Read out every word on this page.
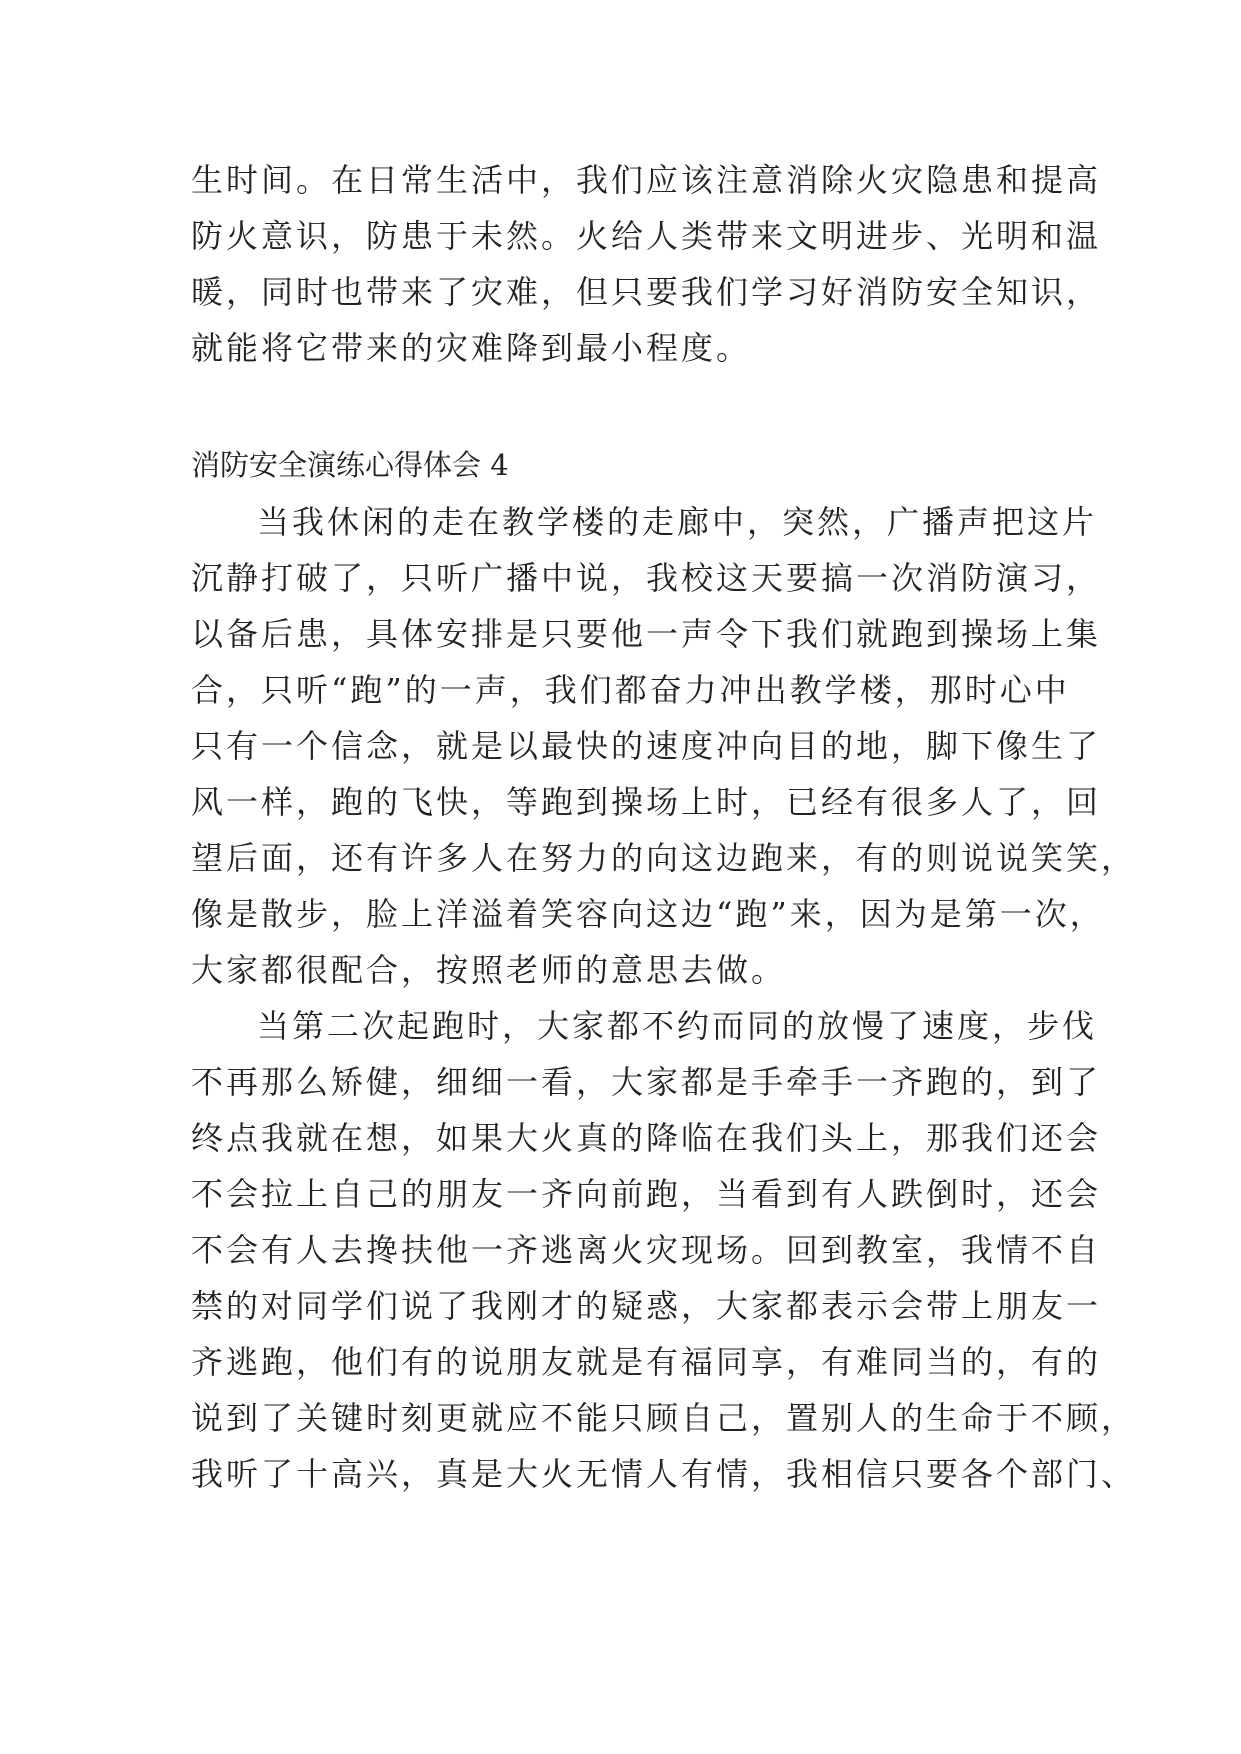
生时间。在日常生活中，我们应该注意消除火灾隐患和提高
防火意识，防患于未然。火给人类带来文明进步、光明和温
暖，同时也带来了灾难，但只要我们学习好消防安全知识，
就能将它带来的灾难降到最小程度。
消防安全演练心得体会 4
当我休闲的走在教学楼的走廊中，突然，广播声把这片
沉静打破了，只听广播中说，我校这天要搞一次消防演习，
以备后患，具体安排是只要他一声令下我们就跑到操场上集
合，只听“跑”的一声，我们都奋力冲出教学楼，那时心中
只有一个信念，就是以最快的速度冲向目的地，脚下像生了
风一样，跑的飞快，等跑到操场上时，已经有很多人了，回
望后面，还有许多人在努力的向这边跑来，有的则说说笑笑，
像是散步，脸上洋溢着笑容向这边“跑”来，因为是第一次，
大家都很配合，按照老师的意思去做。
当第二次起跑时，大家都不约而同的放慢了速度，步伐
不再那么矫健，细细一看，大家都是手牵手一齐跑的，到了
终点我就在想，如果大火真的降临在我们头上，那我们还会
不会拉上自己的朋友一齐向前跑，当看到有人跌倒时，还会
不会有人去搀扶他一齐逃离火灾现场。回到教室，我情不自
禁的对同学们说了我刚才的疑惑，大家都表示会带上朋友一
齐逃跑，他们有的说朋友就是有福同享，有难同当的，有的
说到了关键时刻更就应不能只顾自己，置别人的生命于不顾，
我听了十高兴，真是大火无情人有情，我相信只要各个部门、
